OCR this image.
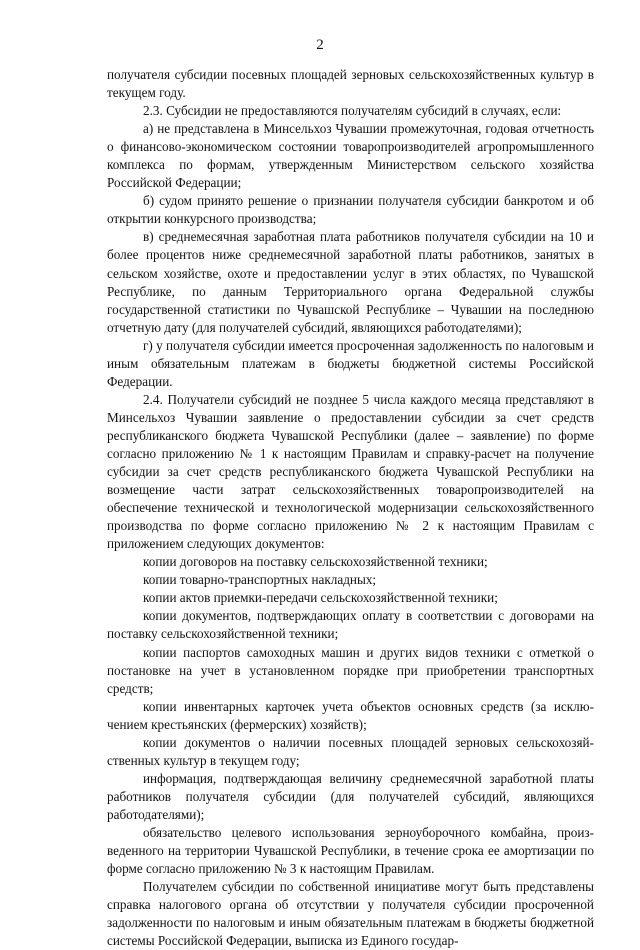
2

получателя субсидии посевных площадей зерновых сельскохозяйственных культур в текущем году.

2.3. Субсидии не предоставляются получателям субсидий в случаях, если:

а) не представлена в Минсельхоз Чувашии промежуточная, годовая отчетность о финансово-экономическом состоянии товаропроизводителей агропромышленного комплекса по формам, утвержденным Министерством сельского хозяйства Российской Федерации;

б) судом принято решение о признании получателя субсидии банкротом и об открытии конкурсного производства;

в) среднемесячная заработная плата работников получателя субсидии на 10 и более процентов ниже среднемесячной заработной платы работников, занятых в сельском хозяйстве, охоте и предоставлении услуг в этих областях, по Чувашской Республике, по данным Территориального органа Федеральной службы государственной статистики по Чувашской Республике – Чувашии на последнюю отчетную дату (для получателей субсидий, являющихся работодателями);

г) у получателя субсидии имеется просроченная задолженность по налоговым и иным обязательным платежам в бюджеты бюджетной системы Российской Федерации.

2.4. Получатели субсидий не позднее 5 числа каждого месяца представляют в Минсельхоз Чувашии заявление о предоставлении субсидии за счет средств республиканского бюджета Чувашской Республики (далее – заявление) по форме согласно приложению № 1 к настоящим Правилам и справку-расчет на получение субсидии за счет средств республиканского бюджета Чувашской Республики на возмещение части затрат сельскохозяйственных товаропроизводителей на обеспечение технической и технологической модернизации сельскохозяйственного производства по форме согласно приложению № 2 к настоящим Правилам с приложением следующих документов:

копии договоров на поставку сельскохозяйственной техники;

копии товарно-транспортных накладных;

копии актов приемки-передачи сельскохозяйственной техники;

копии документов, подтверждающих оплату в соответствии с договорами на поставку сельскохозяйственной техники;

копии паспортов самоходных машин и других видов техники с отметкой о постановке на учет в установленном порядке при приобретении транспортных средств;

копии инвентарных карточек учета объектов основных средств (за исключением крестьянских (фермерских) хозяйств);

копии документов о наличии посевных площадей зерновых сельскохозяйственных культур в текущем году;

информация, подтверждающая величину среднемесячной заработной платы работников получателя субсидии (для получателей субсидий, являющихся работодателями);

обязательство целевого использования зерноуборочного комбайна, произведенного на территории Чувашской Республики, в течение срока ее амортизации по форме согласно приложению № 3 к настоящим Правилам.

Получателем субсидии по собственной инициативе могут быть представлены справка налогового органа об отсутствии у получателя субсидии просроченной задолженности по налоговым и иным обязательным платежам в бюджеты бюджетной системы Российской Федерации, выписка из Единого государ-
